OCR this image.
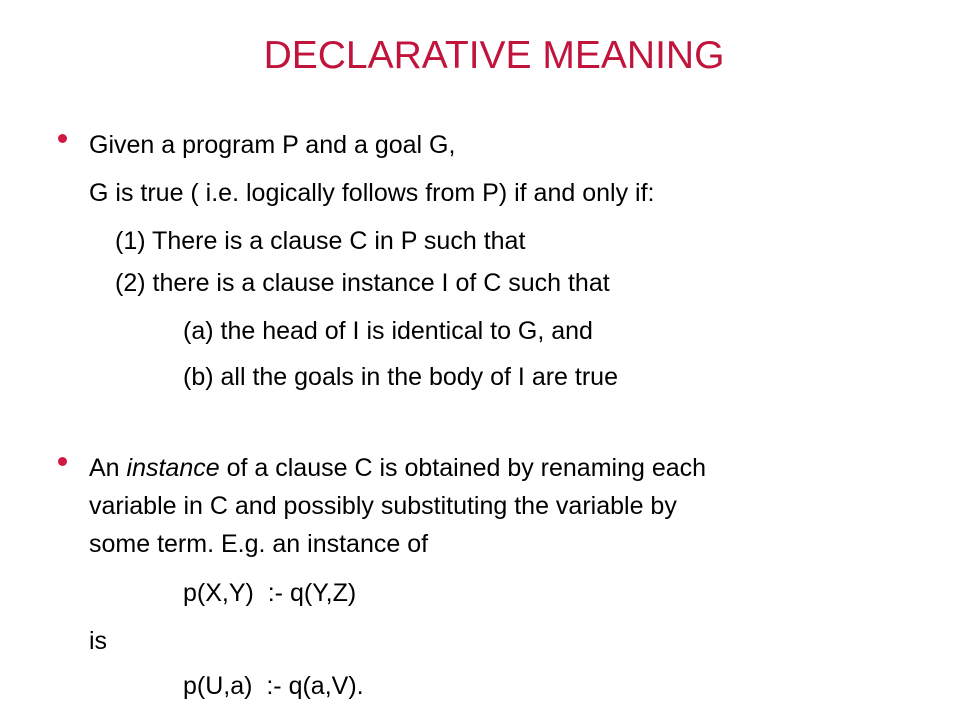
DECLARATIVE MEANING
Given a program P and a goal G,
G is true ( i.e. logically follows from P) if and only if:
(1) There is a clause C in P such that
(2) there is a clause instance I of C such that
(a) the head of I is identical to G, and
(b) all the goals in the body of I are true
An instance of a clause C is obtained by renaming each
variable in C and possibly substituting the variable by
some term. E.g. an instance of
p(X,Y)  :- q(Y,Z)
is
p(U,a)  :- q(a,V).
